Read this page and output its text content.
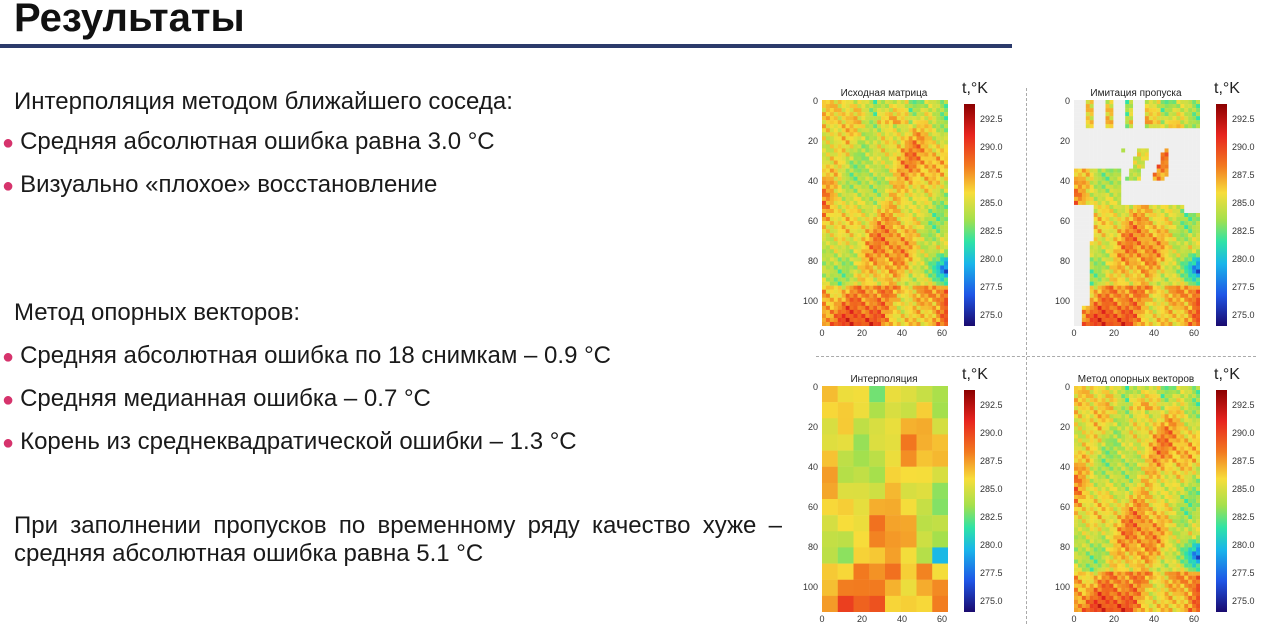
Результаты

Интерполяция методом ближайшего соседа:

● Средняя абсолютная ошибка равна 3.0 °C
● Визуально «плохое» восстановление

Метод опорных векторов:

● Средняя абсолютная ошибка по 18 снимкам – 0.9 °C
● Средняя медианная ошибка – 0.7 °C
● Корень из среднеквадратической ошибки – 1.3 °C

При заполнении пропусков по временному ряду качество хуже – средняя абсолютная ошибка равна 5.1 °C

Исходная матрица
0
20
40
60
80
100
0	20	40	60
t,°K
292.5
290.0
287.5
285.0
282.5
280.0
277.5
275.0
Имитация пропуска
0
20
40
60
80
100
0	20	40	60
t,°K
292.5
290.0
287.5
285.0
282.5
280.0
277.5
275.0
Интерполяция
0
20
40
60
80
100
0	20	40	60
t,°K
292.5
290.0
287.5
285.0
282.5
280.0
277.5
275.0
Метод опорных векторов
0
20
40
60
80
100
0	20	40	60
t,°K
292.5
290.0
287.5
285.0
282.5
280.0
277.5
275.0
